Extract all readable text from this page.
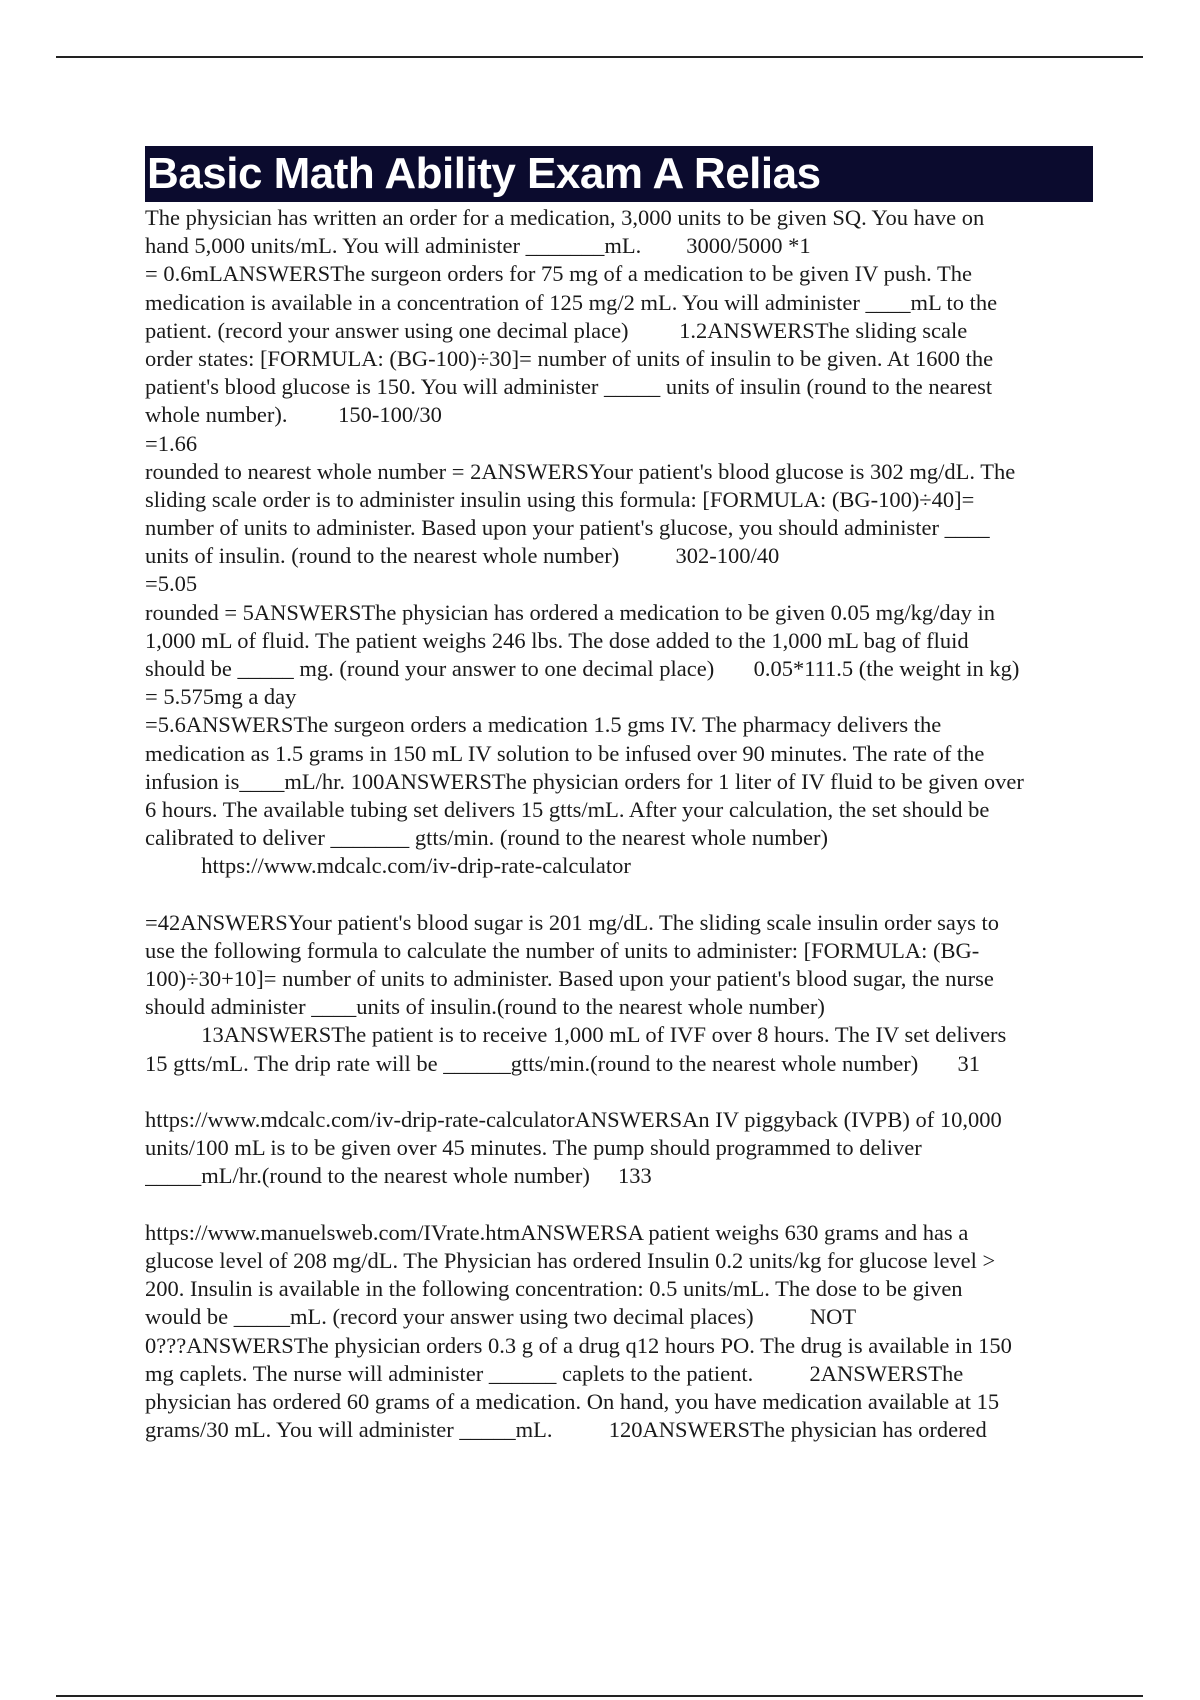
Basic Math Ability Exam A Relias
The physician has written an order for a medication, 3,000 units to be given SQ. You have on
hand 5,000 units/mL. You will administer _______mL.        3000/5000 *1
= 0.6mLANSWERSThe surgeon orders for 75 mg of a medication to be given IV push. The
medication is available in a concentration of 125 mg/2 mL. You will administer ____mL to the
patient. (record your answer using one decimal place)         1.2ANSWERSThe sliding scale
order states: [FORMULA: (BG-100)÷30]= number of units of insulin to be given. At 1600 the
patient's blood glucose is 150. You will administer _____ units of insulin (round to the nearest
whole number).         150-100/30
=1.66
rounded to nearest whole number = 2ANSWERSYour patient's blood glucose is 302 mg/dL. The
sliding scale order is to administer insulin using this formula: [FORMULA: (BG-100)÷40]=
number of units to administer. Based upon your patient's glucose, you should administer ____
units of insulin. (round to the nearest whole number)          302-100/40
=5.05
rounded = 5ANSWERSThe physician has ordered a medication to be given 0.05 mg/kg/day in
1,000 mL of fluid. The patient weighs 246 lbs. The dose added to the 1,000 mL bag of fluid
should be _____ mg. (round your answer to one decimal place)       0.05*111.5 (the weight in kg)
= 5.575mg a day
=5.6ANSWERSThe surgeon orders a medication 1.5 gms IV. The pharmacy delivers the
medication as 1.5 grams in 150 mL IV solution to be infused over 90 minutes. The rate of the
infusion is____mL/hr. 100ANSWERSThe physician orders for 1 liter of IV fluid to be given over
6 hours. The available tubing set delivers 15 gtts/mL. After your calculation, the set should be
calibrated to deliver _______ gtts/min. (round to the nearest whole number)
https://www.mdcalc.com/iv-drip-rate-calculator
=42ANSWERSYour patient's blood sugar is 201 mg/dL. The sliding scale insulin order says to
use the following formula to calculate the number of units to administer: [FORMULA: (BG-
100)÷30+10]= number of units to administer. Based upon your patient's blood sugar, the nurse
should administer ____units of insulin.(round to the nearest whole number)
13ANSWERSThe patient is to receive 1,000 mL of IVF over 8 hours. The IV set delivers
15 gtts/mL. The drip rate will be ______gtts/min.(round to the nearest whole number)       31
https://www.mdcalc.com/iv-drip-rate-calculatorANSWERSAn IV piggyback (IVPB) of 10,000
units/100 mL is to be given over 45 minutes. The pump should programmed to deliver
_____mL/hr.(round to the nearest whole number)     133
https://www.manuelsweb.com/IVrate.htmANSWERSA patient weighs 630 grams and has a
glucose level of 208 mg/dL. The Physician has ordered Insulin 0.2 units/kg for glucose level >
200. Insulin is available in the following concentration: 0.5 units/mL. The dose to be given
would be _____mL. (record your answer using two decimal places)          NOT
0???ANSWERSThe physician orders 0.3 g of a drug q12 hours PO. The drug is available in 150
mg caplets. The nurse will administer ______ caplets to the patient.          2ANSWERSThe
physician has ordered 60 grams of a medication. On hand, you have medication available at 15
grams/30 mL. You will administer _____mL.          120ANSWERSThe physician has ordered
